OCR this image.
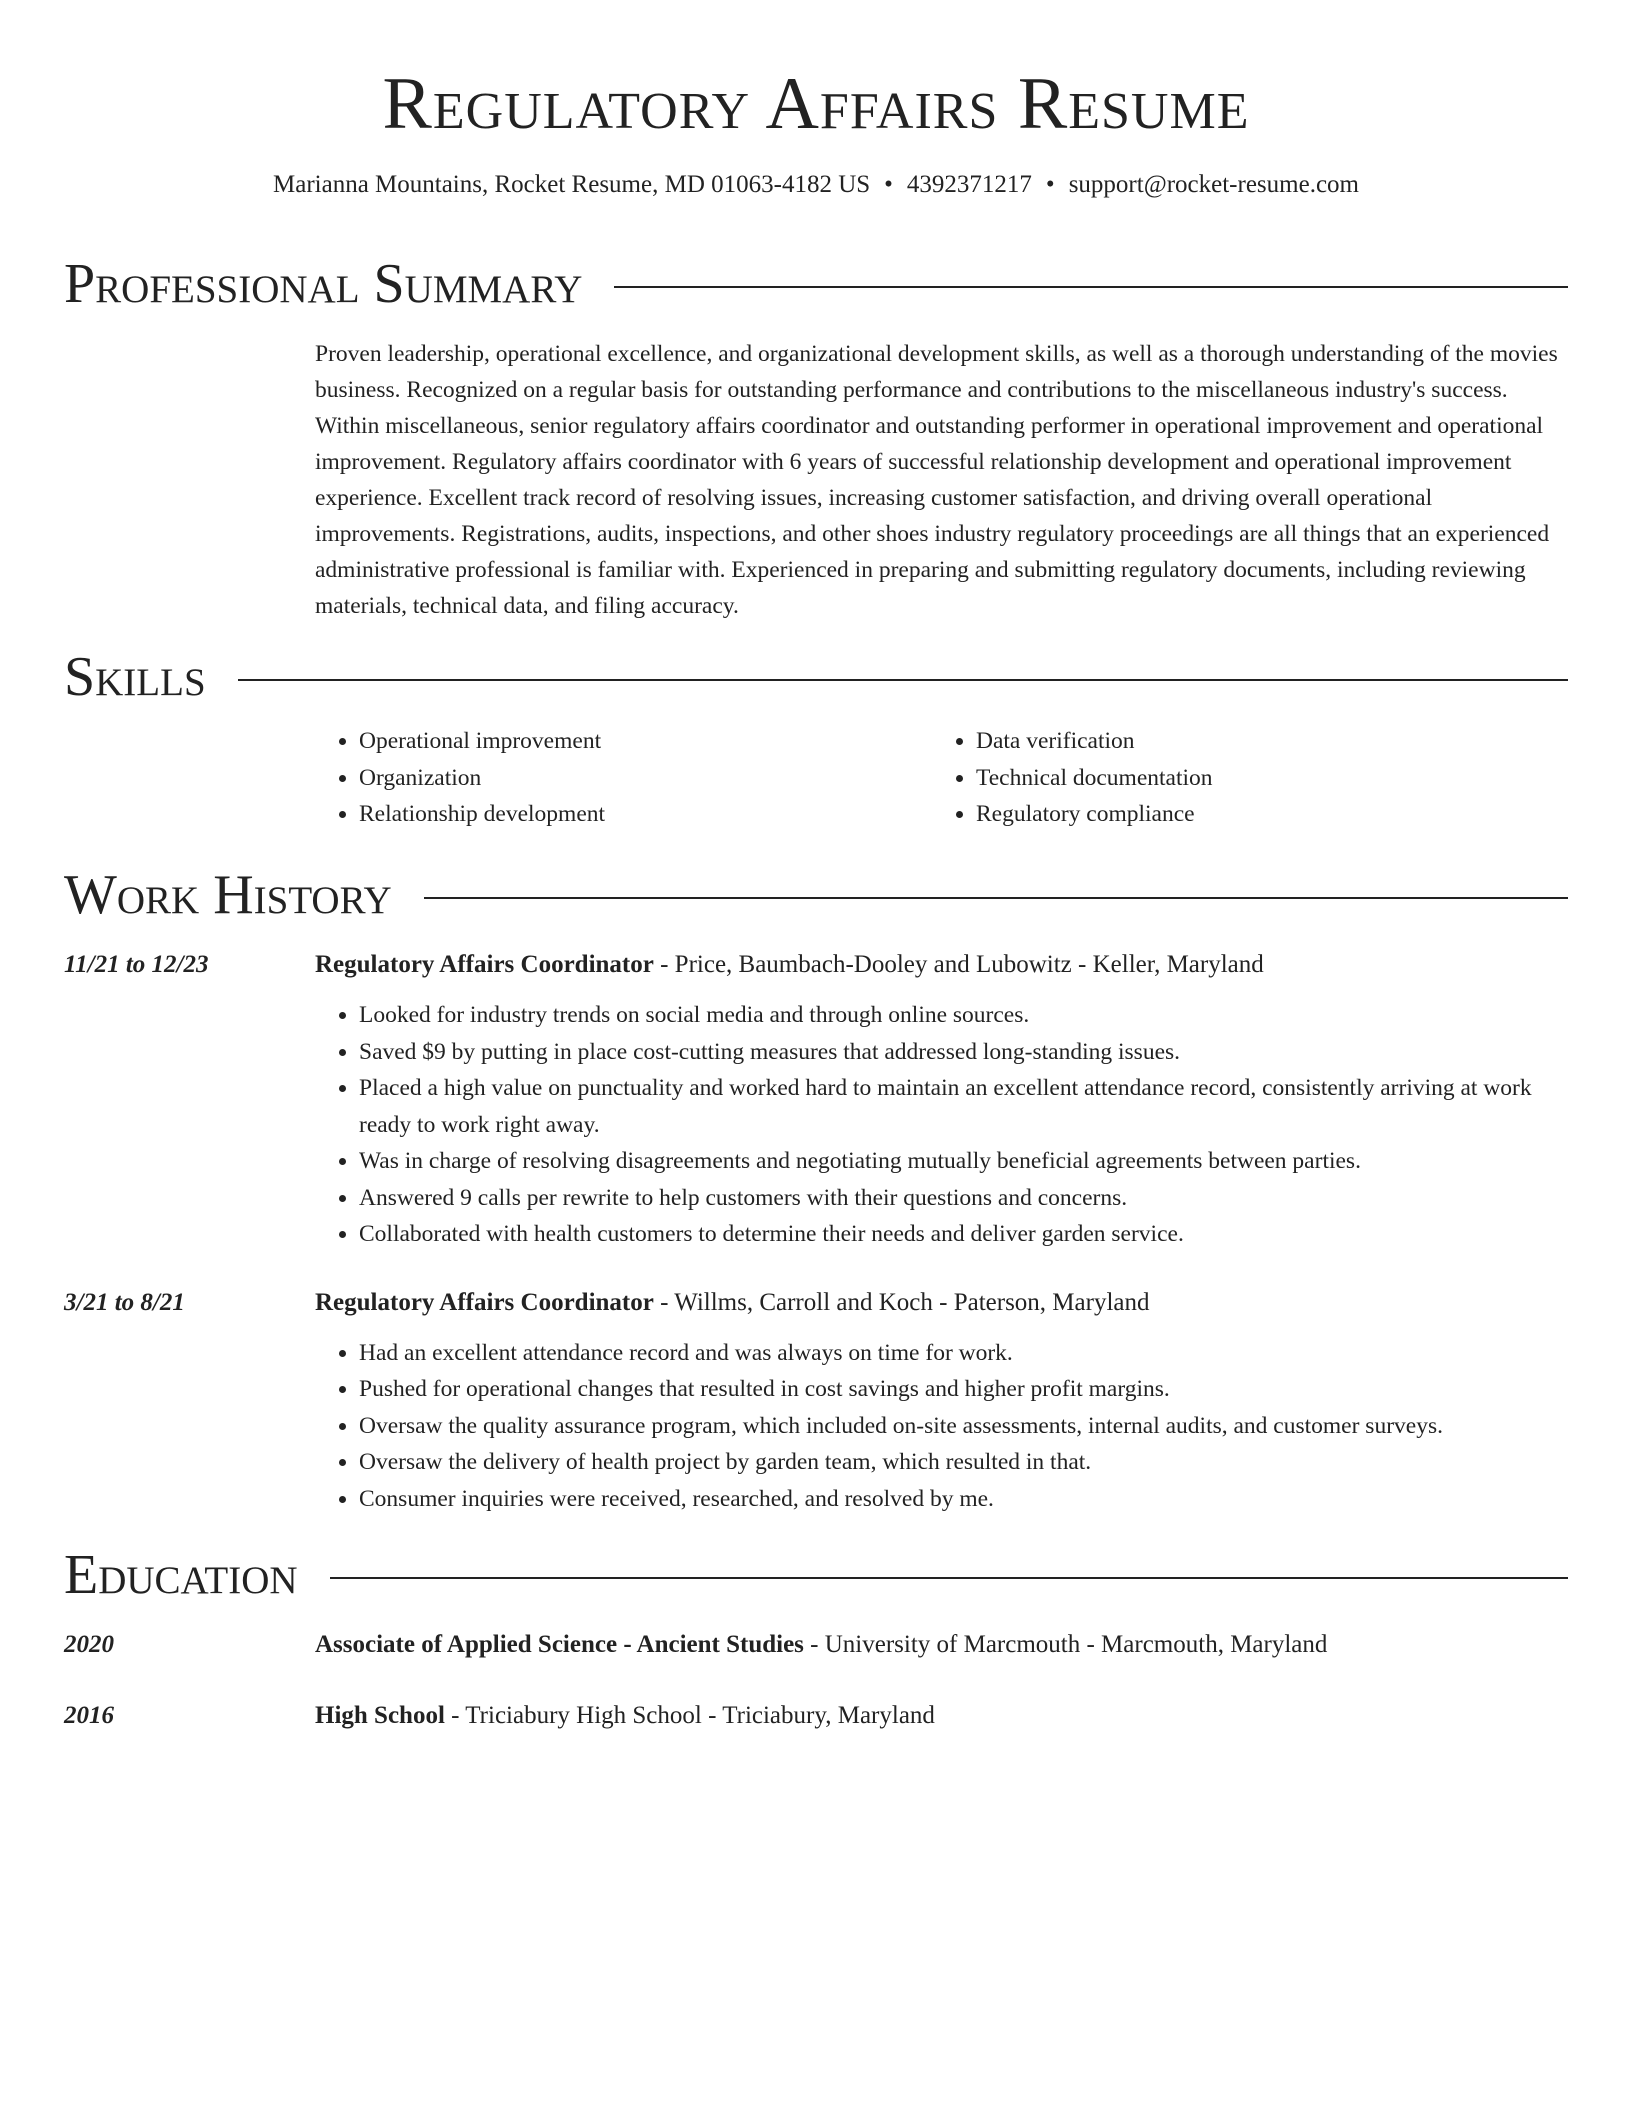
Regulatory Affairs Resume

Marianna Mountains, Rocket Resume, MD 01063-4182 US • 4392371217 • support@rocket-resume.com

Professional Summary

Proven leadership, operational excellence, and organizational development skills, as well as a thorough understanding of the movies business. Recognized on a regular basis for outstanding performance and contributions to the miscellaneous industry's success. Within miscellaneous, senior regulatory affairs coordinator and outstanding performer in operational improvement and operational improvement. Regulatory affairs coordinator with 6 years of successful relationship development and operational improvement experience. Excellent track record of resolving issues, increasing customer satisfaction, and driving overall operational improvements. Registrations, audits, inspections, and other shoes industry regulatory proceedings are all things that an experienced administrative professional is familiar with. Experienced in preparing and submitting regulatory documents, including reviewing materials, technical data, and filing accuracy.

Skills
• Operational improvement
• Organization
• Relationship development
• Data verification
• Technical documentation
• Regulatory compliance
Work History
11/21 to 12/23	Regulatory Affairs Coordinator - Price, Baumbach-Dooley and Lubowitz - Keller, Maryland
• Looked for industry trends on social media and through online sources.
• Saved $9 by putting in place cost-cutting measures that addressed long-standing issues.
• Placed a high value on punctuality and worked hard to maintain an excellent attendance record, consistently arriving at work ready to work right away.
• Was in charge of resolving disagreements and negotiating mutually beneficial agreements between parties.
• Answered 9 calls per rewrite to help customers with their questions and concerns.
• Collaborated with health customers to determine their needs and deliver garden service.
3/21 to 8/21	Regulatory Affairs Coordinator - Willms, Carroll and Koch - Paterson, Maryland
• Had an excellent attendance record and was always on time for work.
• Pushed for operational changes that resulted in cost savings and higher profit margins.
• Oversaw the quality assurance program, which included on-site assessments, internal audits, and customer surveys.
• Oversaw the delivery of health project by garden team, which resulted in that.
• Consumer inquiries were received, researched, and resolved by me.
Education
2020	Associate of Applied Science - Ancient Studies - University of Marcmouth - Marcmouth, Maryland
2016	High School - Triciabury High School - Triciabury, Maryland
